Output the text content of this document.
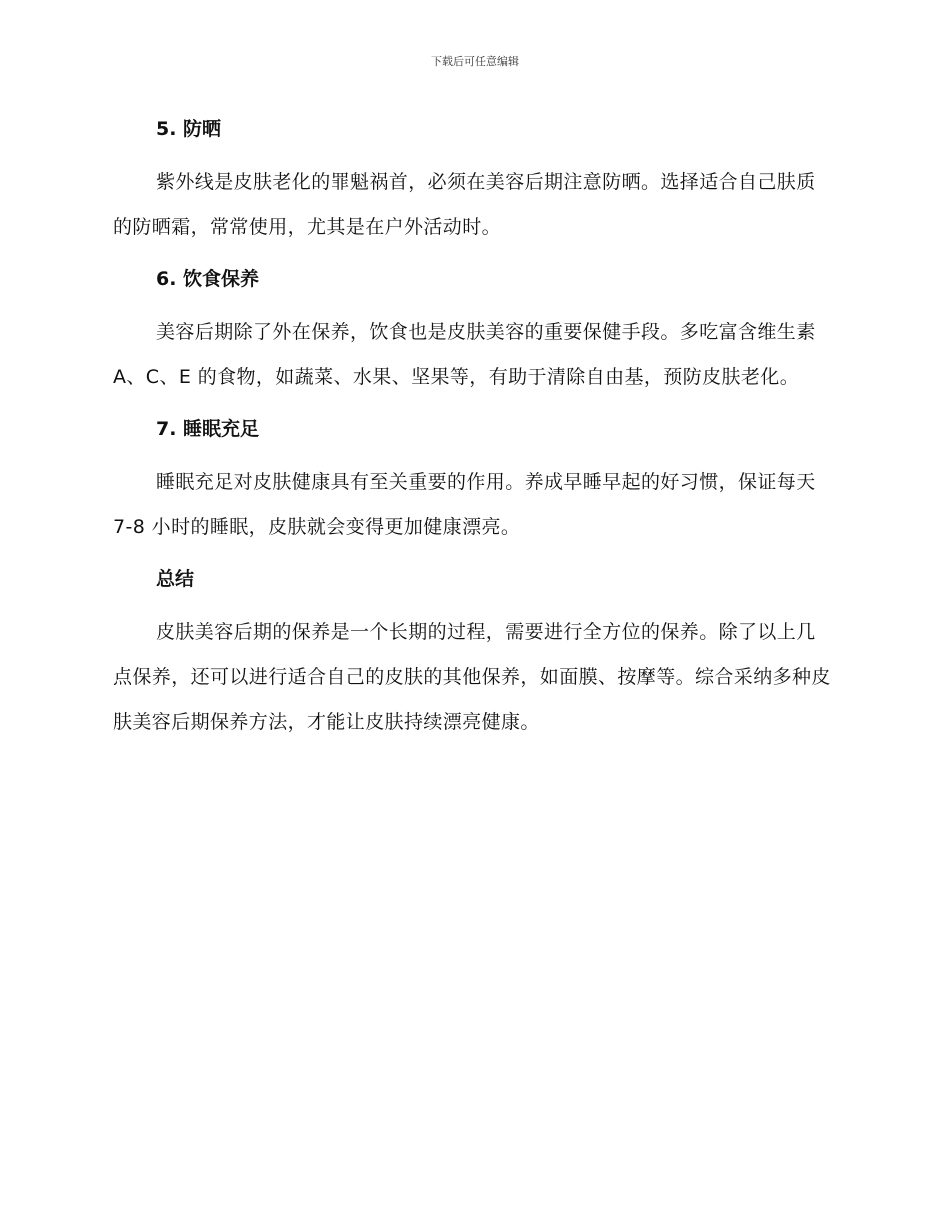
下载后可任意编辑
5. 防晒

紫外线是皮肤老化的罪魁祸首，必须在美容后期注意防晒。选择适合自己肤质的防晒霜，常常使用，尤其是在户外活动时。

6. 饮食保养

美容后期除了外在保养，饮食也是皮肤美容的重要保健手段。多吃富含维生素 A、C、E 的食物，如蔬菜、水果、坚果等，有助于清除自由基，预防皮肤老化。

7. 睡眠充足

睡眠充足对皮肤健康具有至关重要的作用。养成早睡早起的好习惯，保证每天 7-8 小时的睡眠，皮肤就会变得更加健康漂亮。

总结

皮肤美容后期的保养是一个长期的过程，需要进行全方位的保养。除了以上几点保养，还可以进行适合自己的皮肤的其他保养，如面膜、按摩等。综合采纳多种皮肤美容后期保养方法，才能让皮肤持续漂亮健康。
